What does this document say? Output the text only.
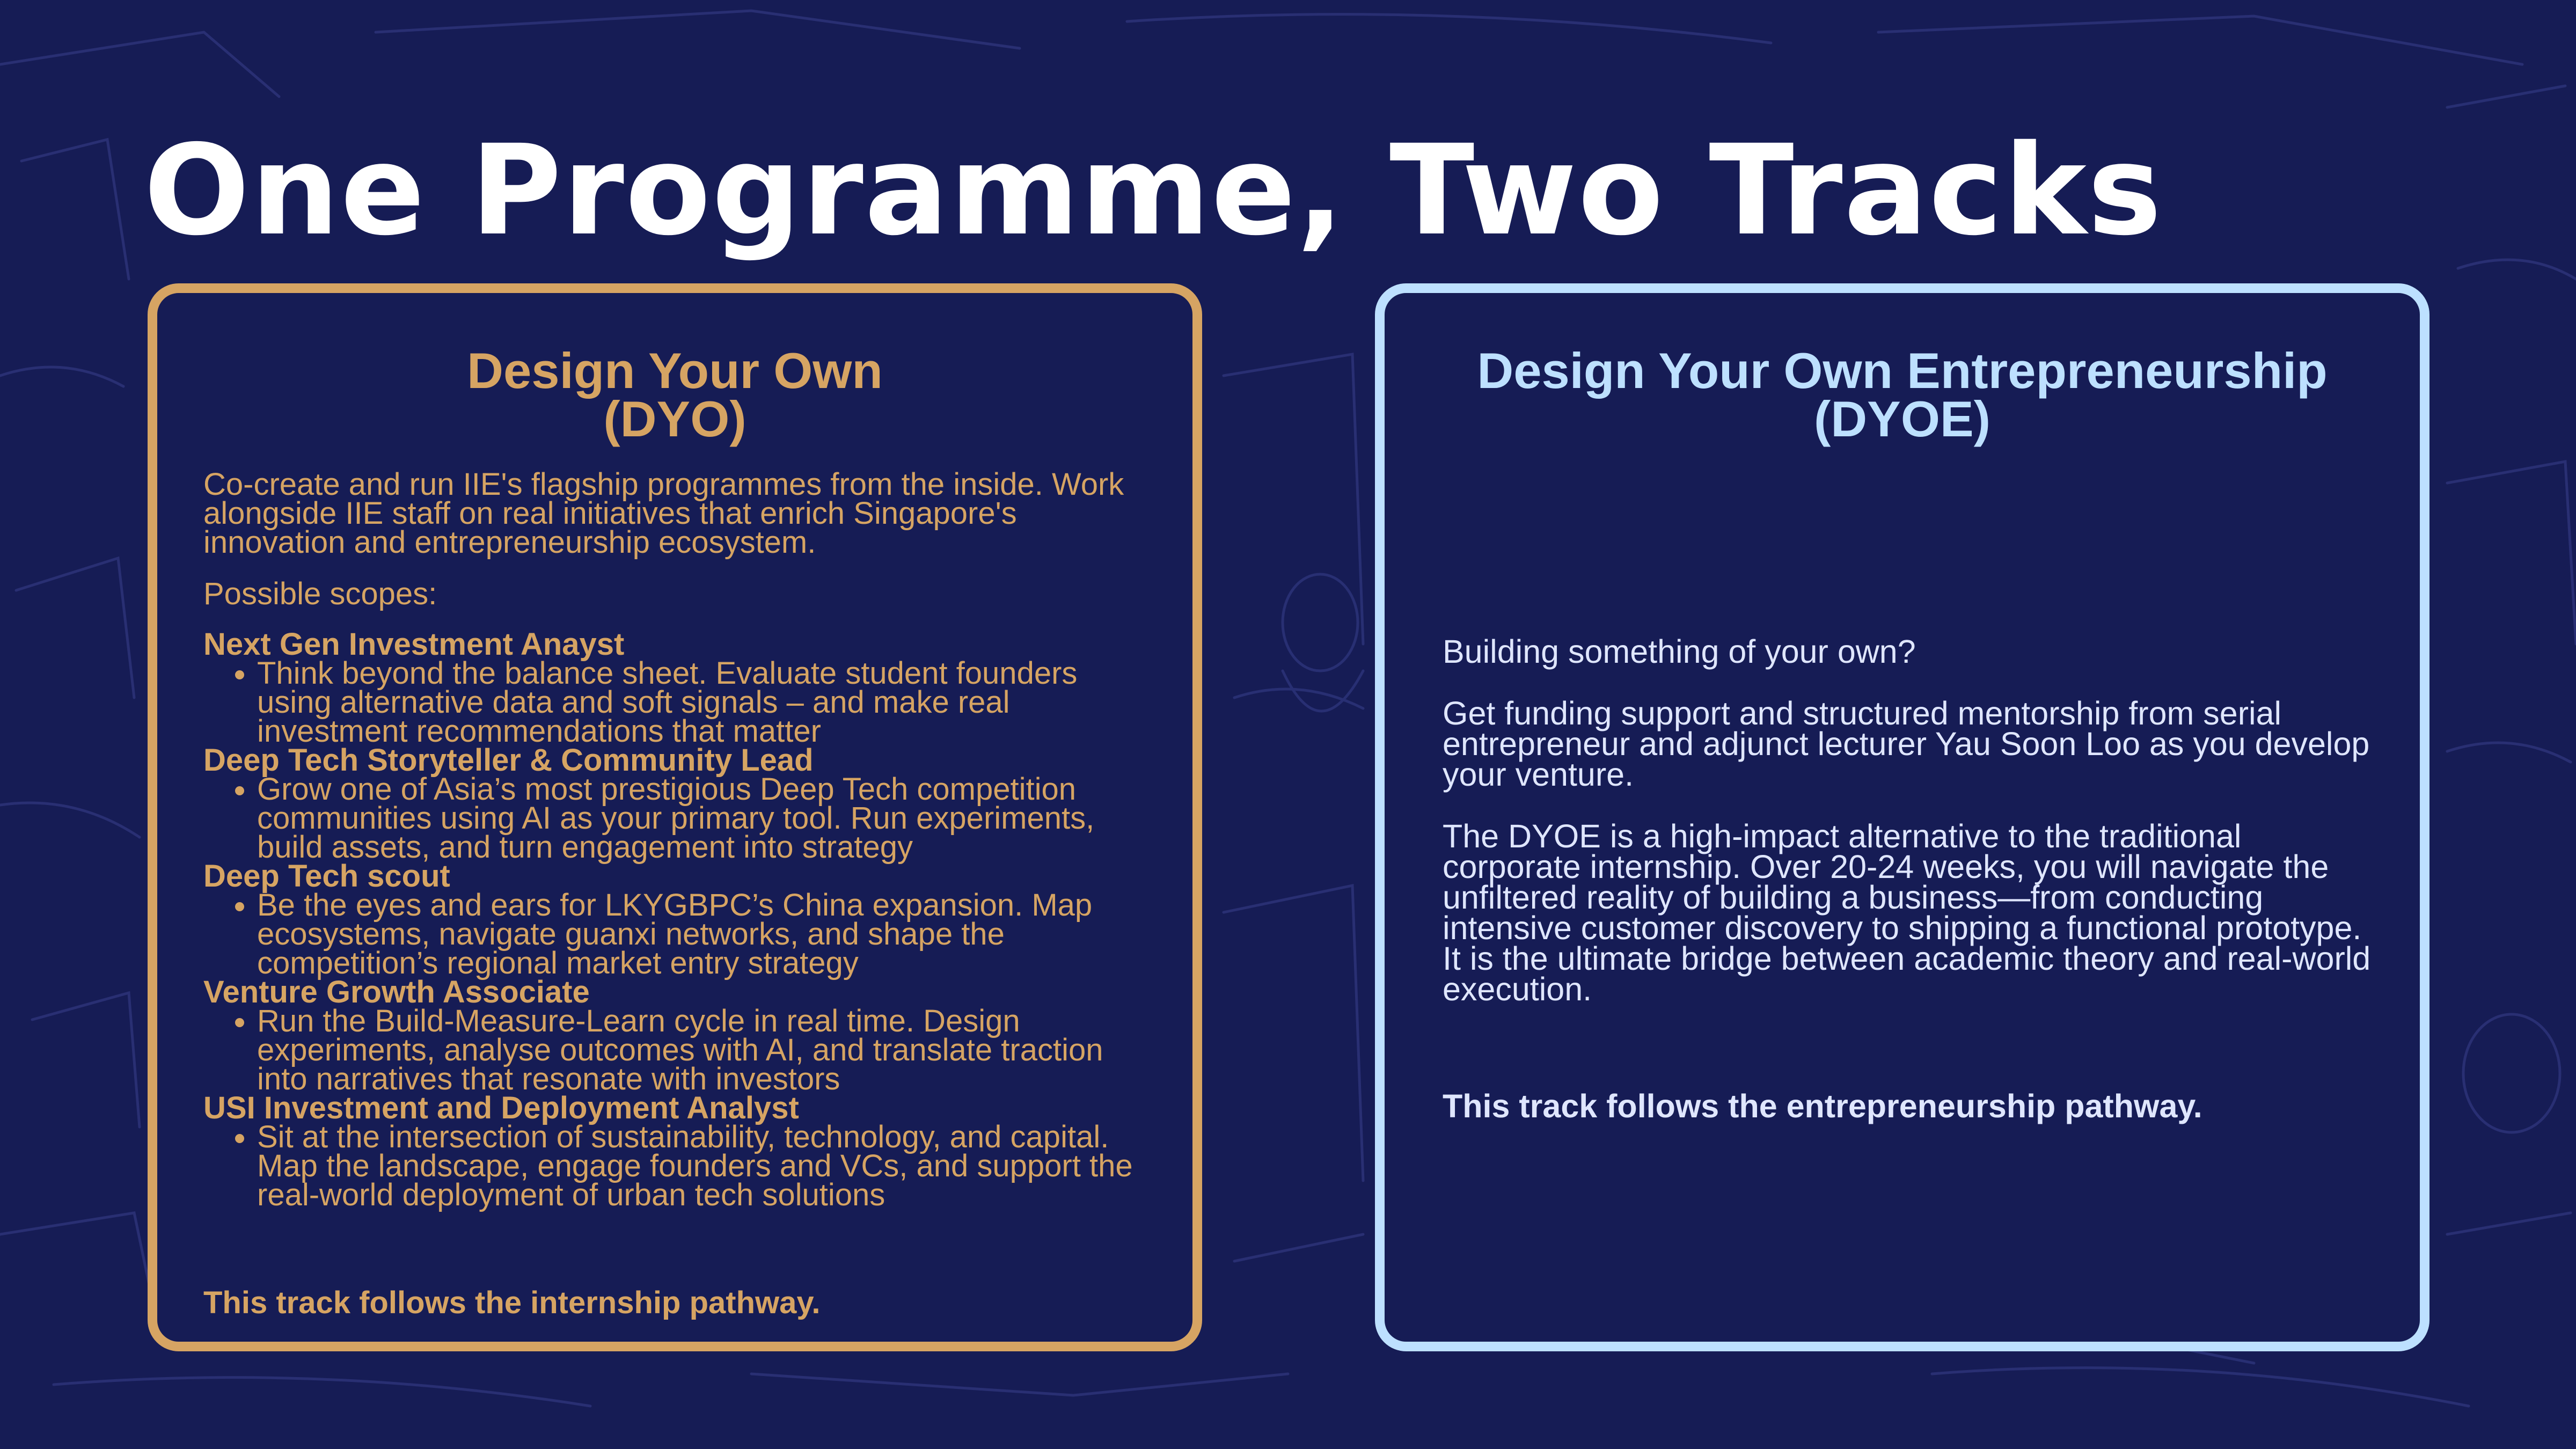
One Programme, Two Tracks
Design Your Own
(DYO)

Co-create and run IIE's flagship programmes from the inside. Work alongside IIE staff on real initiatives that enrich Singapore's innovation and entrepreneurship ecosystem.

Possible scopes:

Next Gen Investment Anayst

• Think beyond the balance sheet. Evaluate student founders using alternative data and soft signals – and make real investment recommendations that matter

Deep Tech Storyteller & Community Lead

• Grow one of Asia’s most prestigious Deep Tech competition communities using AI as your primary tool. Run experiments, build assets, and turn engagement into strategy

Deep Tech scout

• Be the eyes and ears for LKYGBPC’s China expansion. Map ecosystems, navigate guanxi networks, and shape the competition’s regional market entry strategy

Venture Growth Associate

• Run the Build-Measure-Learn cycle in real time. Design experiments, analyse outcomes with AI, and translate traction into narratives that resonate with investors

USI Investment and Deployment Analyst

• Sit at the intersection of sustainability, technology, and capital. Map the landscape, engage founders and VCs, and support the real-world deployment of urban tech solutions

This track follows the internship pathway.

Design Your Own Entrepreneurship
(DYOE)

Building something of your own?

Get funding support and structured mentorship from serial entrepreneur and adjunct lecturer Yau Soon Loo as you develop your venture.

The DYOE is a high-impact alternative to the traditional corporate internship. Over 20-24 weeks, you will navigate the unfiltered reality of building a business—from conducting intensive customer discovery to shipping a functional prototype. It is the ultimate bridge between academic theory and real-world execution.

This track follows the entrepreneurship pathway.
